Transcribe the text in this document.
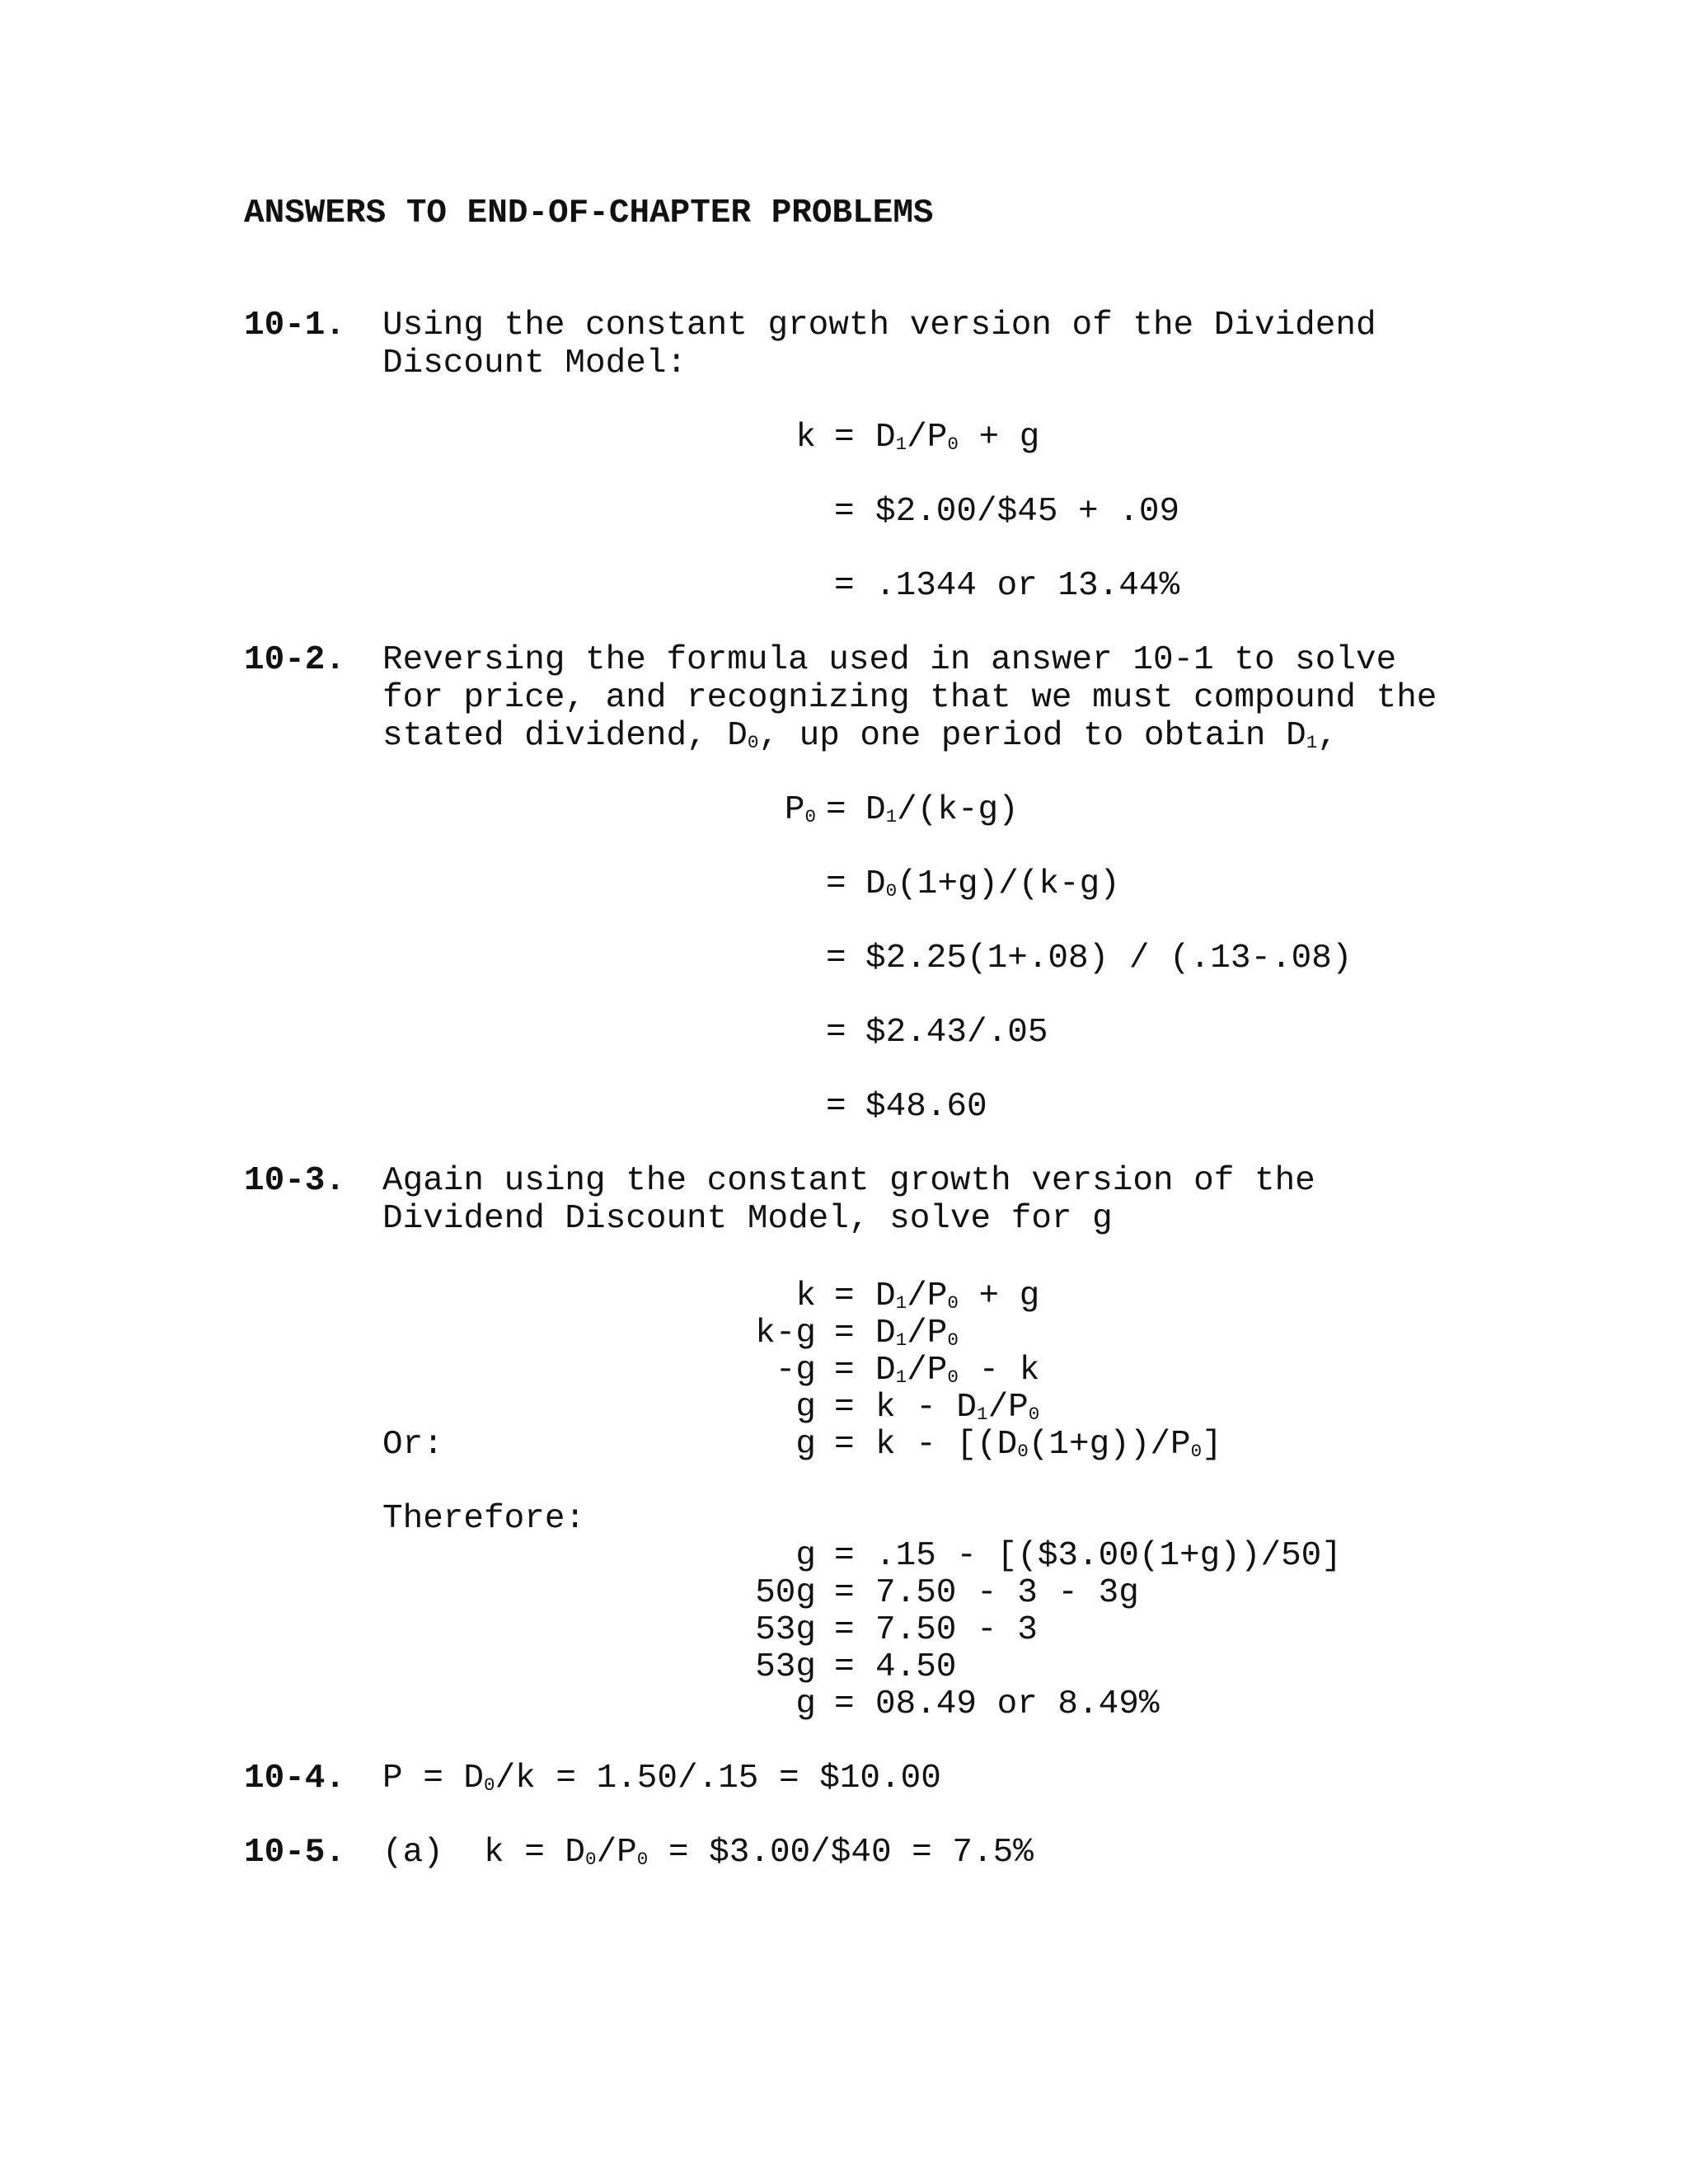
ANSWERS TO END-OF-CHAPTER PROBLEMS
10-1. Using the constant growth version of the Dividend
Discount Model:
$k = D_1/P_0 + g$
= $2.00/$45 + .09
= .1344 or 13.44%
10-2. Reversing the formula used in answer 10-1 to solve
for price, and recognizing that we must compound the
stated dividend, $D_0$, up one period to obtain $D_1$,
$P_0 = D_1/(k-g)$
= $D_0(1+g)/(k-g)$
= $2.25(1+.08) / (.13-.08)
= $2.43/.05
= $48.60
10-3. Again using the constant growth version of the
Dividend Discount Model, solve for g
$k = D_1/P_0 + g$
$k-g = D_1/P_0$
$-g = D_1/P_0 - k$
$g = k - D_1/P_0$
Or:	$g = k - [(D_0(1+g))/P_0]$
Therefore:
g = .15 - [($3.00(1+g))/50]
50g = 7.50 - 3 - 3g
53g = 7.50 - 3
53g = 4.50
g = 08.49 or 8.49%
10-4. $P = D_0/k = 1.50/.15$ = $10.00
10-5. (a)  $k = D_0/P_0$ = $3.00/$40 = 7.5%
